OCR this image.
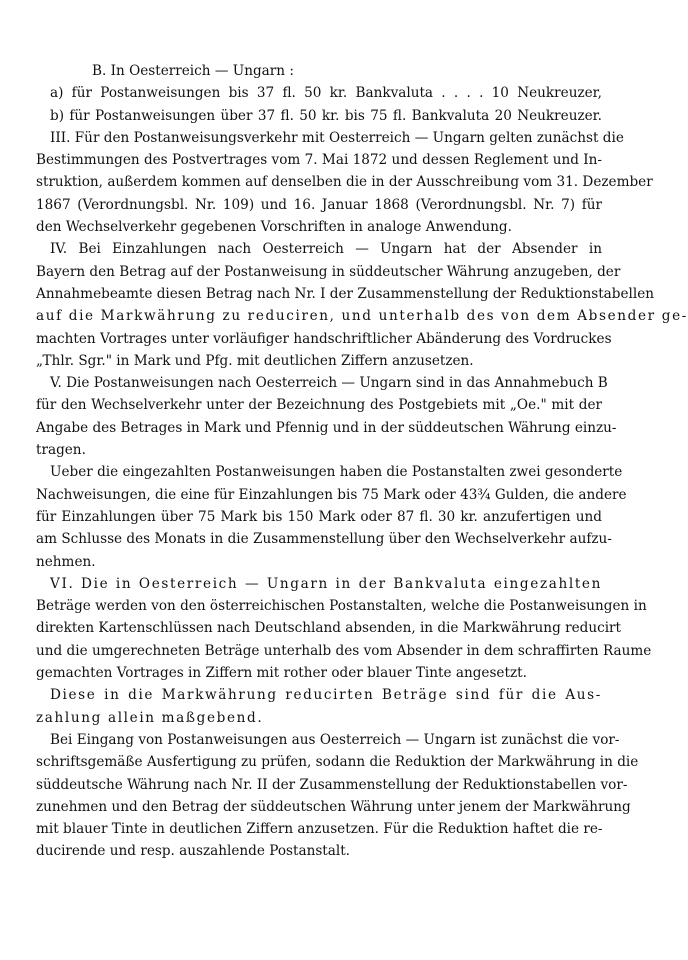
B. In Oesterreich — Ungarn :
a) für Postanweisungen bis 37 fl. 50 kr. Bankvaluta . . . . 10 Neukreuzer,
b) für Postanweisungen über 37 fl. 50 kr. bis 75 fl. Bankvaluta 20 Neukreuzer.
III. Für den Postanweisungsverkehr mit Oesterreich — Ungarn gelten zunächst die
Bestimmungen des Postvertrages vom 7. Mai 1872 und dessen Reglement und In-
struktion, außerdem kommen auf denselben die in der Ausschreibung vom 31. Dezember
1867 (Verordnungsbl. Nr. 109) und 16. Januar 1868 (Verordnungsbl. Nr. 7) für
den Wechselverkehr gegebenen Vorschriften in analoge Anwendung.
IV. Bei Einzahlungen nach Oesterreich — Ungarn hat der Absender in
Bayern den Betrag auf der Postanweisung in süddeutscher Währung anzugeben, der
Annahmebeamte diesen Betrag nach Nr. I der Zusammenstellung der Reduktionstabellen
auf die Markwährung zu reduciren, und unterhalb des von dem Absender ge-
machten Vortrages unter vorläufiger handschriftlicher Abänderung des Vordruckes
„Thlr. Sgr." in Mark und Pfg. mit deutlichen Ziffern anzusetzen.
V. Die Postanweisungen nach Oesterreich — Ungarn sind in das Annahmebuch B
für den Wechselverkehr unter der Bezeichnung des Postgebiets mit „Oe." mit der
Angabe des Betrages in Mark und Pfennig und in der süddeutschen Währung einzu-
tragen.
Ueber die eingezahlten Postanweisungen haben die Postanstalten zwei gesonderte
Nachweisungen, die eine für Einzahlungen bis 75 Mark oder 43¾ Gulden, die andere
für Einzahlungen über 75 Mark bis 150 Mark oder 87 fl. 30 kr. anzufertigen und
am Schlusse des Monats in die Zusammenstellung über den Wechselverkehr aufzu-
nehmen.
VI. Die in Oesterreich — Ungarn in der Bankvaluta eingezahlten
Beträge werden von den österreichischen Postanstalten, welche die Postanweisungen in
direkten Kartenschlüssen nach Deutschland absenden, in die Markwährung reducirt
und die umgerechneten Beträge unterhalb des vom Absender in dem schraffirten Raume
gemachten Vortrages in Ziffern mit rother oder blauer Tinte angesetzt.
Diese in die Markwährung reducirten Beträge sind für die Aus-
zahlung allein maßgebend.
Bei Eingang von Postanweisungen aus Oesterreich — Ungarn ist zunächst die vor-
schriftsgemäße Ausfertigung zu prüfen, sodann die Reduktion der Markwährung in die
süddeutsche Währung nach Nr. II der Zusammenstellung der Reduktionstabellen vor-
zunehmen und den Betrag der süddeutschen Währung unter jenem der Markwährung
mit blauer Tinte in deutlichen Ziffern anzusetzen. Für die Reduktion haftet die re-
ducirende und resp. auszahlende Postanstalt.
